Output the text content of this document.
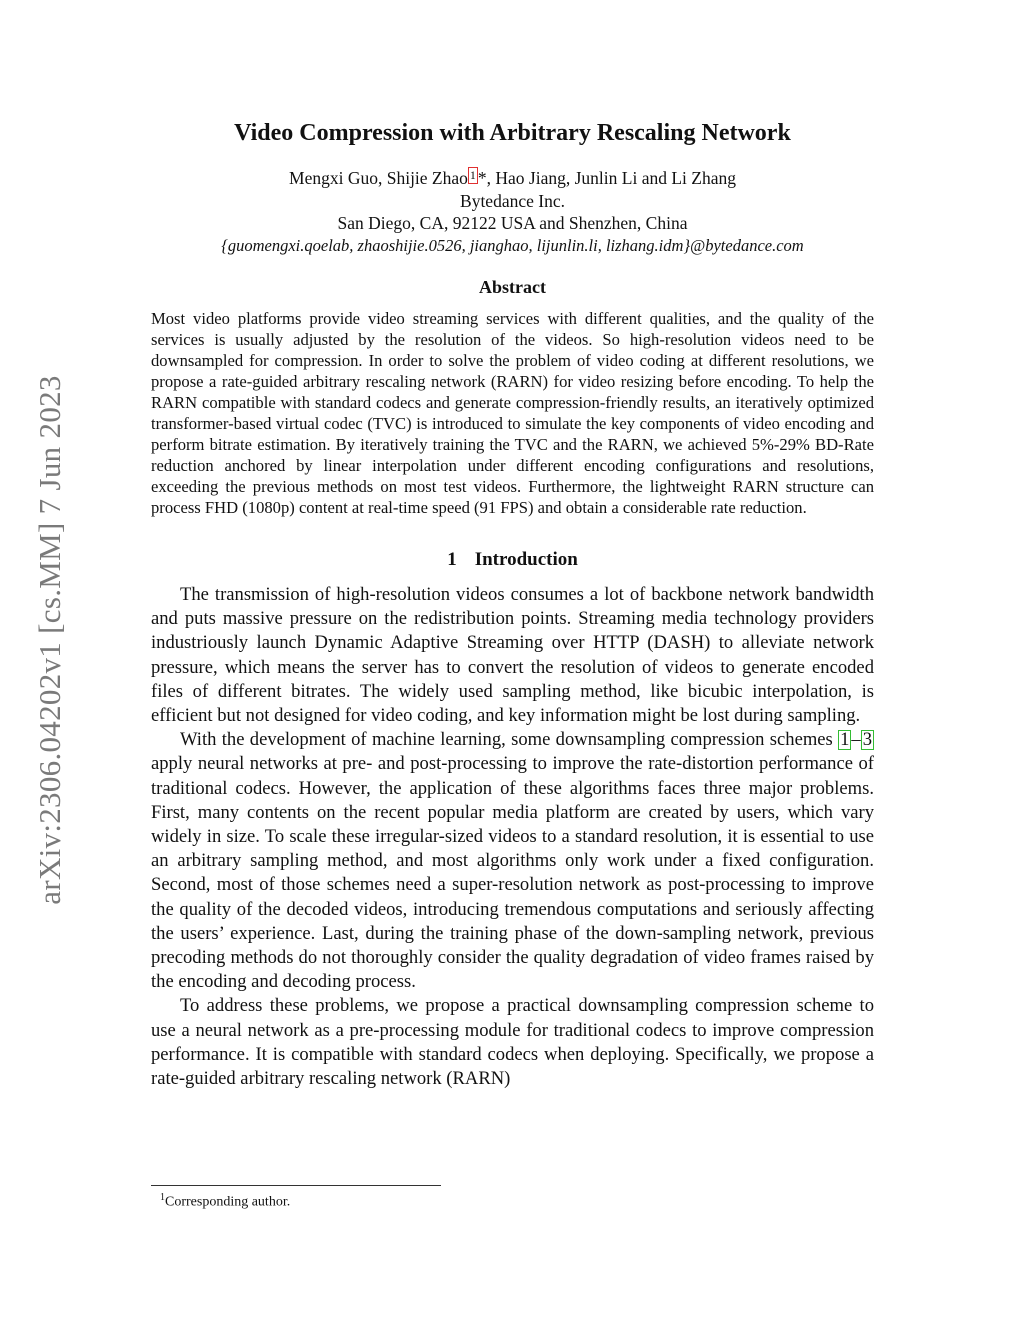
arXiv:2306.04202v1 [cs.MM] 7 Jun 2023
Video Compression with Arbitrary Rescaling Network
Mengxi Guo, Shijie Zhao 1 *, Hao Jiang, Junlin Li and Li Zhang
Bytedance Inc.
San Diego, CA, 92122 USA and Shenzhen, China
{guomengxi.qoelab, zhaoshijie.0526, jianghao, lijunlin.li, lizhang.idm}@bytedance.com
Abstract
Most video platforms provide video streaming services with different qualities, and the quality of the services is usually adjusted by the resolution of the videos. So high-resolution videos need to be downsampled for compression. In order to solve the problem of video coding at different resolutions, we propose a rate-guided arbitrary rescaling network (RARN) for video resizing before encoding. To help the RARN compatible with standard codecs and generate compression-friendly results, an iteratively optimized transformer-based virtual codec (TVC) is introduced to simulate the key components of video encoding and perform bitrate estimation. By iteratively training the TVC and the RARN, we achieved 5%-29% BD-Rate reduction anchored by linear interpolation under different encoding configurations and resolutions, exceeding the previous methods on most test videos. Furthermore, the lightweight RARN structure can process FHD (1080p) content at real-time speed (91 FPS) and obtain a considerable rate reduction.
1 Introduction

The transmission of high-resolution videos consumes a lot of backbone network bandwidth and puts massive pressure on the redistribution points. Streaming media technology providers industriously launch Dynamic Adaptive Streaming over HTTP (DASH) to alleviate network pressure, which means the server has to convert the resolution of videos to generate encoded files of different bitrates. The widely used sampling method, like bicubic interpolation, is efficient but not designed for video coding, and key information might be lost during sampling.

With the development of machine learning, some downsampling compression schemes 1 – 3 apply neural networks at pre- and post-processing to improve the rate-distortion performance of traditional codecs. However, the application of these algorithms faces three major problems. First, many contents on the recent popular media platform are created by users, which vary widely in size. To scale these irregular-sized videos to a standard resolution, it is essential to use an arbitrary sampling method, and most algorithms only work under a fixed configuration. Second, most of those schemes need a super-resolution network as post-processing to improve the quality of the decoded videos, introducing tremendous computations and seriously affecting the users’ experience. Last, during the training phase of the down-sampling network, previous precoding methods do not thoroughly consider the quality degradation of video frames raised by the encoding and decoding process.

To address these problems, we propose a practical downsampling compression scheme to use a neural network as a pre-processing module for traditional codecs to improve compression performance. It is compatible with standard codecs when deploying. Specifically, we propose a rate-guided arbitrary rescaling network (RARN)

$^1$Corresponding author.
